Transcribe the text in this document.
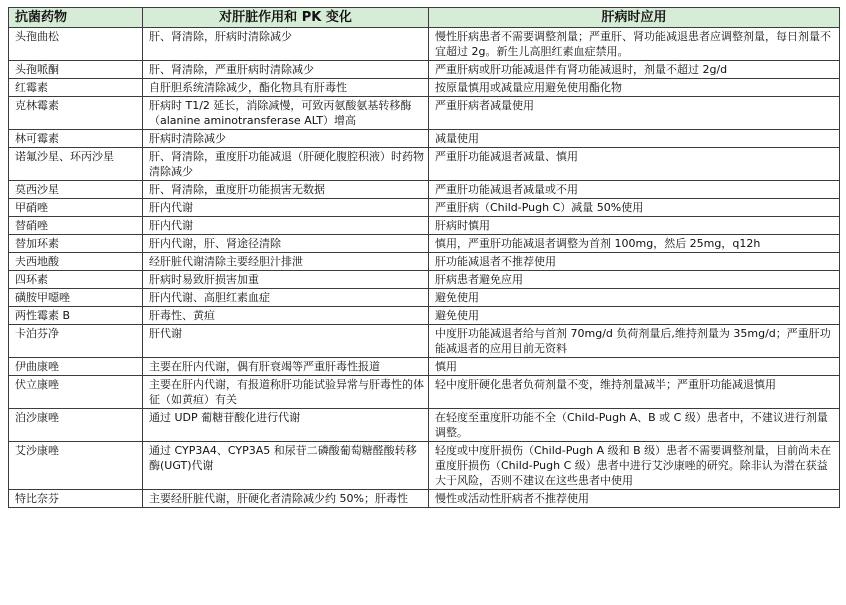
抗菌药物	对肝脏作用和 PK 变化	肝病时应用
头孢曲松	肝、肾清除，肝病时清除减少	慢性肝病患者不需要调整剂量；严重肝、肾功能减退患者应调整剂量，每日剂量不宜超过 2g。新生儿高胆红素血症禁用。
头孢哌酮	肝、肾清除，严重肝病时清除减少	严重肝病或肝功能减退伴有肾功能减退时，剂量不超过 2g/d
红霉素	自肝胆系统清除减少，酯化物具有肝毒性	按原量慎用或减量应用避免使用酯化物
克林霉素	肝病时 T1/2 延长，消除减慢，可致丙氨酸氨基转移酶（alanine aminotransferase ALT）增高	严重肝病者减量使用
林可霉素	肝病时清除减少	减量使用
诺氟沙星、环丙沙星	肝、肾清除，重度肝功能减退（肝硬化腹腔积液）时药物清除减少	严重肝功能减退者减量、慎用
莫西沙星	肝、肾清除，重度肝功能损害无数据	严重肝功能减退者减量或不用
甲硝唑	肝内代谢	严重肝病（Child-Pugh C）减量 50%使用
替硝唑	肝内代谢	肝病时慎用
替加环素	肝内代谢，肝、肾途径清除	慎用，严重肝功能减退者调整为首剂 100mg，然后 25mg，q12h
夫西地酸	经肝脏代谢清除主要经胆汁排泄	肝功能减退者不推荐使用
四环素	肝病时易致肝损害加重	肝病患者避免应用
磺胺甲噁唑	肝内代谢、高胆红素血症	避免使用
两性霉素 B	肝毒性、黄疸	避免使用
卡泊芬净	肝代谢	中度肝功能减退者给与首剂 70mg/d 负荷剂量后,维持剂量为 35mg/d；严重肝功能减退者的应用目前无资料
伊曲康唑	主要在肝内代谢，偶有肝衰竭等严重肝毒性报道	慎用
伏立康唑	主要在肝内代谢，有报道称肝功能试验异常与肝毒性的体征（如黄疸）有关	轻中度肝硬化患者负荷剂量不变，维持剂量减半；严重肝功能减退慎用
泊沙康唑	通过 UDP 葡糖苷酸化进行代谢	在轻度至重度肝功能不全（Child-Pugh A、B 或 C 级）患者中，不建议进行剂量调整。
艾沙康唑	通过 CYP3A4、CYP3A5 和尿苷二磷酸葡萄糖醛酸转移酶(UGT)代谢	轻度或中度肝损伤（Child-Pugh A 级和 B 级）患者不需要调整剂量，目前尚未在重度肝损伤（Child-Pugh C 级）患者中进行艾沙康唑的研究。除非认为潜在获益大于风险，否则不建议在这些患者中使用
特比奈芬	主要经肝脏代谢，肝硬化者清除减少约 50%；肝毒性	慢性或活动性肝病者不推荐使用
